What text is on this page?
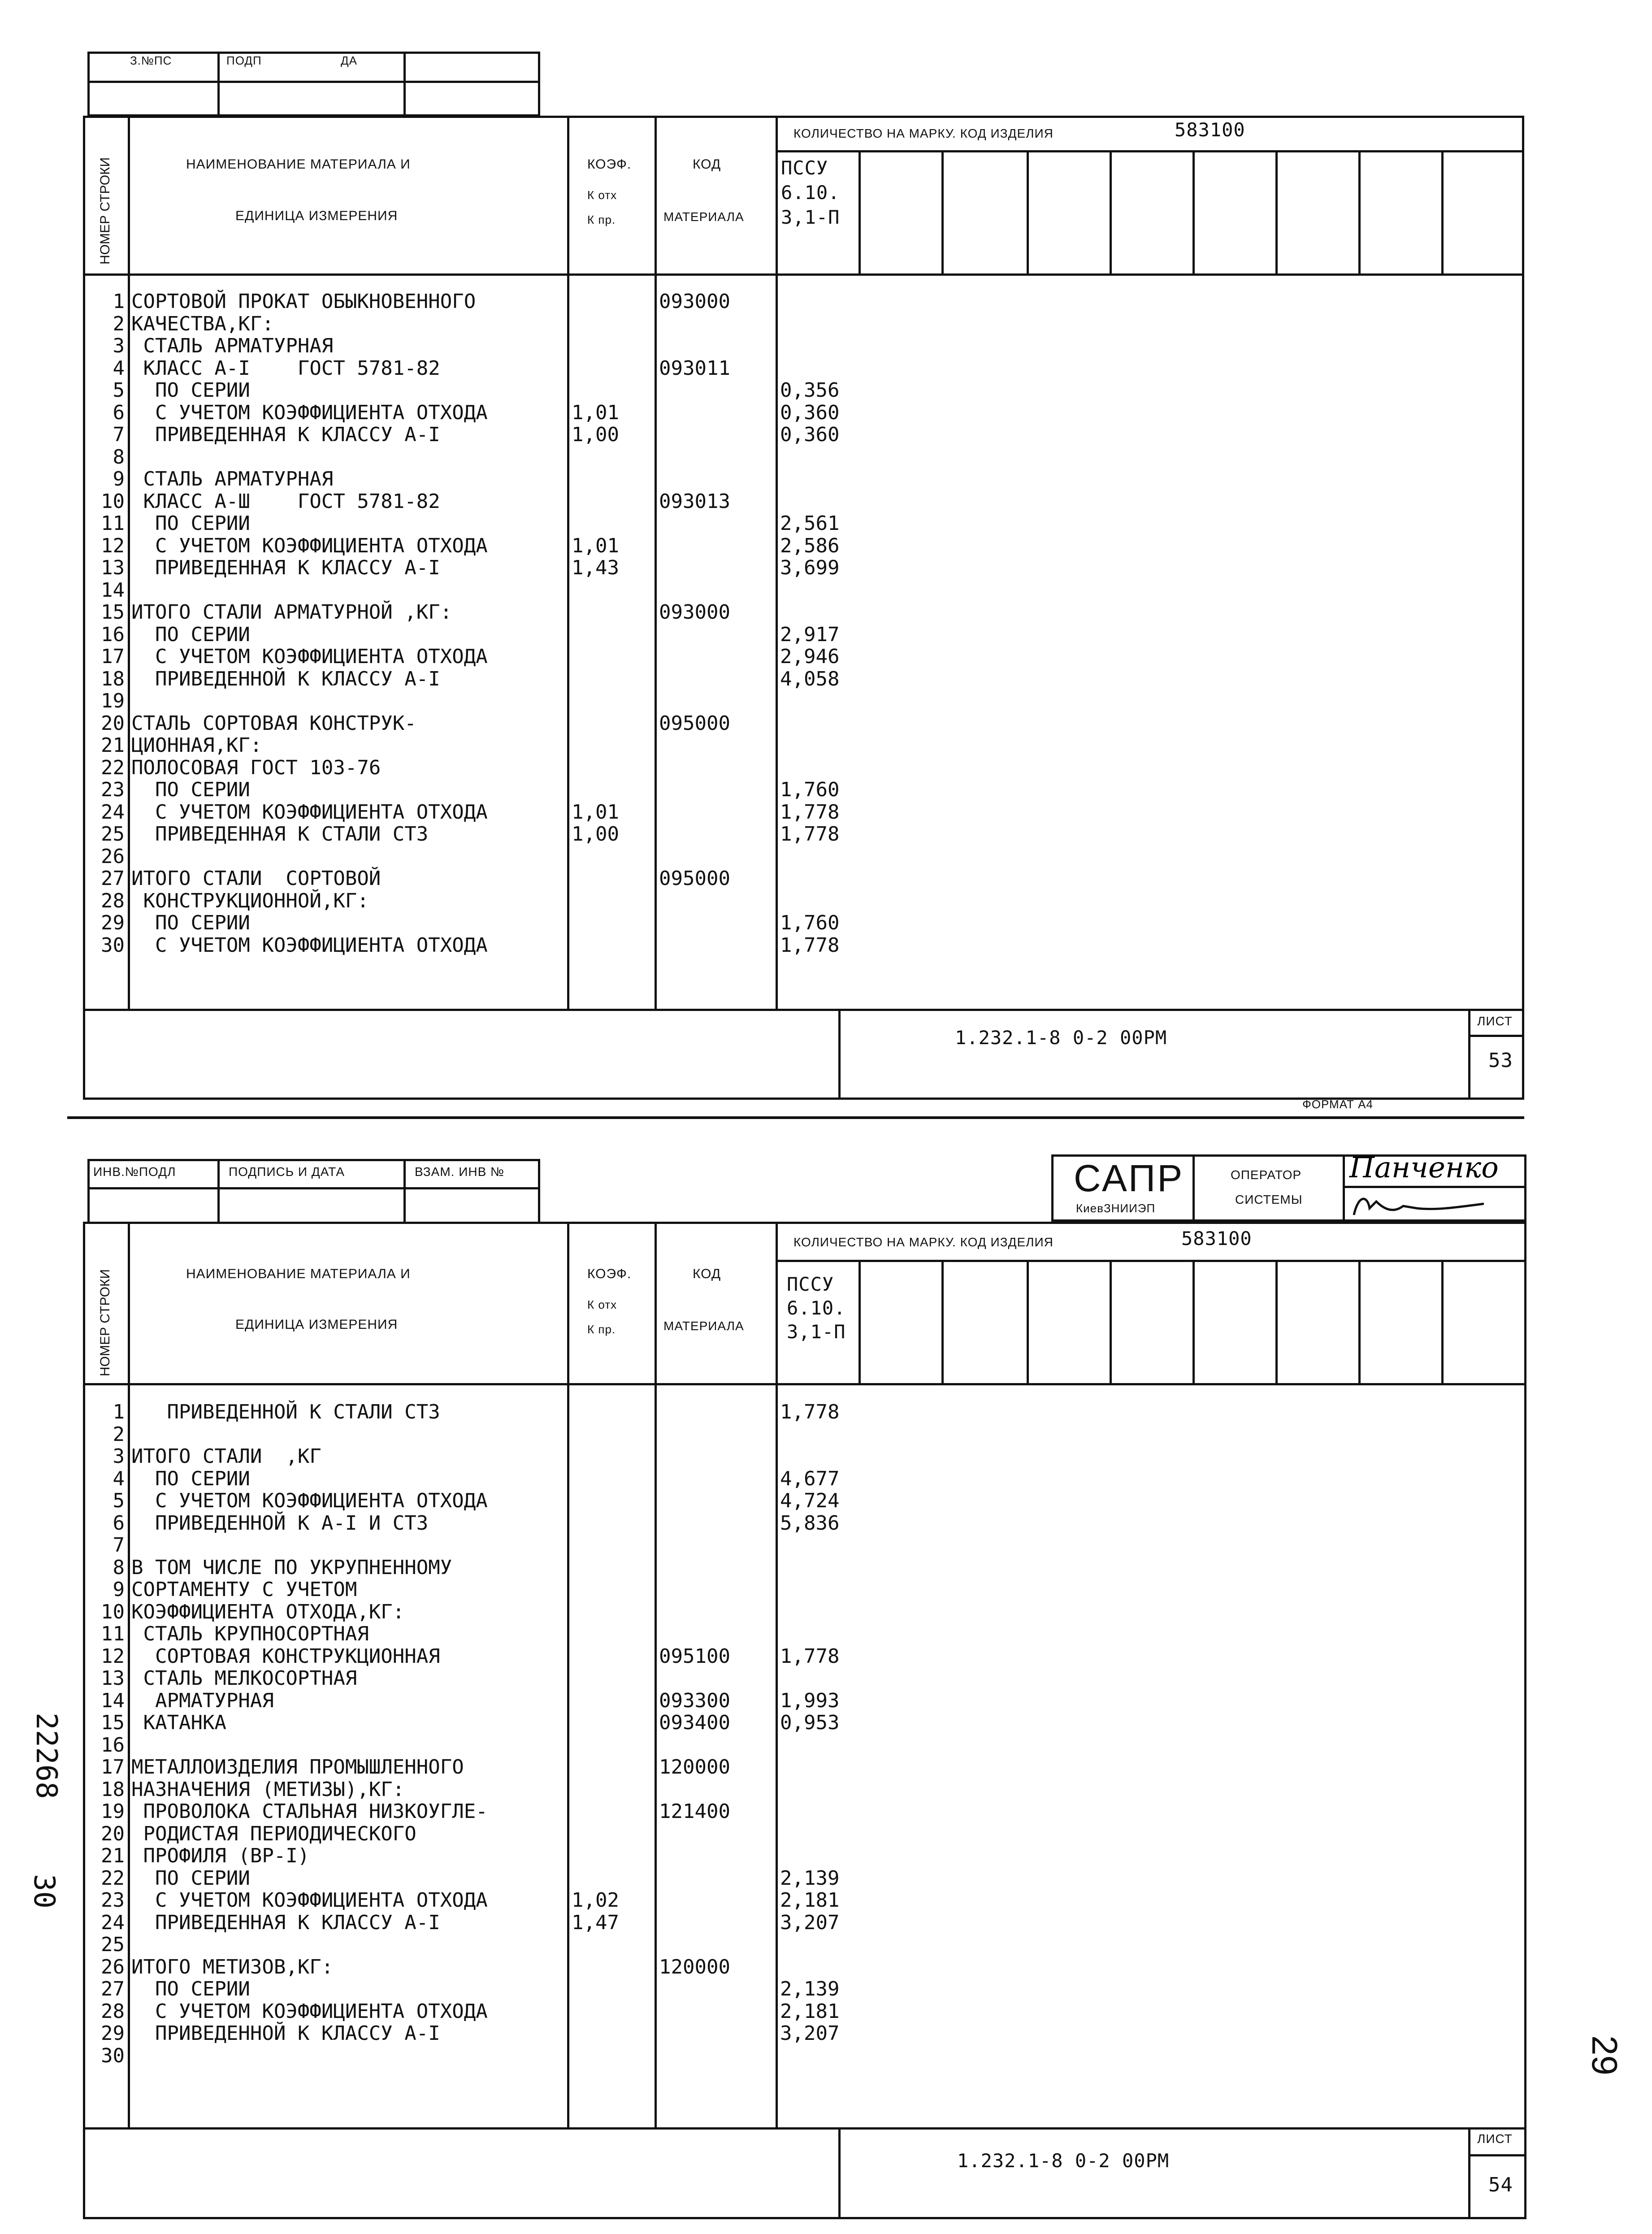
З.№ПС	ПОДП	ДА
НОМЕР СТРОКИ	НАИМЕНОВАНИЕ МАТЕРИАЛА И
ЕДИНИЦА ИЗМЕРЕНИЯ
КОЭФ.
К отх
К пр.
КОД
МАТЕРИАЛА
КОЛИЧЕСТВО НА МАРКУ. КОД ИЗДЕЛИЯ	583100
ПССУ
6.10.
3,1-П
1 СОРТОВОЙ ПРОКАТ ОБЫКНОВЕННОГО	093000
2 КАЧЕСТВА,КГ:
3 СТАЛЬ АРМАТУРНАЯ
4 КЛАСС А-I    ГОСТ 5781-82	093011
5 ПО СЕРИИ	0,356
6 С УЧЕТОМ КОЭФФИЦИЕНТА ОТХОДА	1,01	0,360
7 ПРИВЕДЕННАЯ К КЛАССУ А-I	1,00	0,360
8
9 СТАЛЬ АРМАТУРНАЯ
10 КЛАСС А-Ш    ГОСТ 5781-82	093013
11 ПО СЕРИИ	2,561
12 С УЧЕТОМ КОЭФФИЦИЕНТА ОТХОДА	1,01	2,586
13 ПРИВЕДЕННАЯ К КЛАССУ А-I	1,43	3,699
14
15 ИТОГО СТАЛИ АРМАТУРНОЙ ,КГ:	093000
16 ПО СЕРИИ	2,917
17 С УЧЕТОМ КОЭФФИЦИЕНТА ОТХОДА	2,946
18 ПРИВЕДЕННОЙ К КЛАССУ А-I	4,058
19
20 СТАЛЬ СОРТОВАЯ КОНСТРУК-	095000
21 ЦИОННАЯ,КГ:
22 ПОЛОСОВАЯ ГОСТ 103-76
23 ПО СЕРИИ	1,760
24 С УЧЕТОМ КОЭФФИЦИЕНТА ОТХОДА	1,01	1,778
25 ПРИВЕДЕННАЯ К СТАЛИ СТ3	1,00	1,778
26
27 ИТОГО СТАЛИ  СОРТОВОЙ	095000
28 КОНСТРУКЦИОННОЙ,КГ:
29 ПО СЕРИИ	1,760
30 С УЧЕТОМ КОЭФФИЦИЕНТА ОТХОДА	1,778
1.232.1-8 0-2 00РМ
ЛИСТ
53
ФОРМАТ А4
ИНВ.№ПОДЛ	ПОДПИСЬ И ДАТА	ВЗАМ. ИНВ №	САПР
КиевЗНИИЭП
ОПЕРАТОР
СИСТЕМЫ
Панченко
НОМЕР СТРОКИ	НАИМЕНОВАНИЕ МАТЕРИАЛА И
ЕДИНИЦА ИЗМЕРЕНИЯ
КОЭФ.
К отх
К пр.
КОД
МАТЕРИАЛА
КОЛИЧЕСТВО НА МАРКУ. КОД ИЗДЕЛИЯ	583100
ПССУ
6.10.
3,1-П
1 ПРИВЕДЕННОЙ К СТАЛИ СТ3	1,778
2
3 ИТОГО СТАЛИ  ,КГ
4 ПО СЕРИИ	4,677
5 С УЧЕТОМ КОЭФФИЦИЕНТА ОТХОДА	4,724
6 ПРИВЕДЕННОЙ К А-I И СТ3	5,836
7
8 В ТОМ ЧИСЛЕ ПО УКРУПНЕННОМУ
9 СОРТАМЕНТУ С УЧЕТОМ
10 КОЭФФИЦИЕНТА ОТХОДА,КГ:
11 СТАЛЬ КРУПНОСОРТНАЯ
12 СОРТОВАЯ КОНСТРУКЦИОННАЯ	095100	1,778
13 СТАЛЬ МЕЛКОСОРТНАЯ
14 АРМАТУРНАЯ	093300	1,993
15 КАТАНКА	093400	0,953
16
17 МЕТАЛЛОИЗДЕЛИЯ ПРОМЫШЛЕННОГО	120000
18 НАЗНАЧЕНИЯ (МЕТИЗЫ),КГ:
19 ПРОВОЛОКА СТАЛЬНАЯ НИЗКОУГЛЕ-	121400
20 РОДИСТАЯ ПЕРИОДИЧЕСКОГО
21 ПРОФИЛЯ (ВР-I)
22 ПО СЕРИИ	2,139
23 С УЧЕТОМ КОЭФФИЦИЕНТА ОТХОДА	1,02	2,181
24 ПРИВЕДЕННАЯ К КЛАССУ А-I	1,47	3,207
25
26 ИТОГО МЕТИЗОВ,КГ:	120000
27 ПО СЕРИИ	2,139
28 С УЧЕТОМ КОЭФФИЦИЕНТА ОТХОДА	2,181
29 ПРИВЕДЕННОЙ К КЛАССУ А-I	3,207
30
1.232.1-8 0-2 00РМ
ЛИСТ
54
22268
30
29
